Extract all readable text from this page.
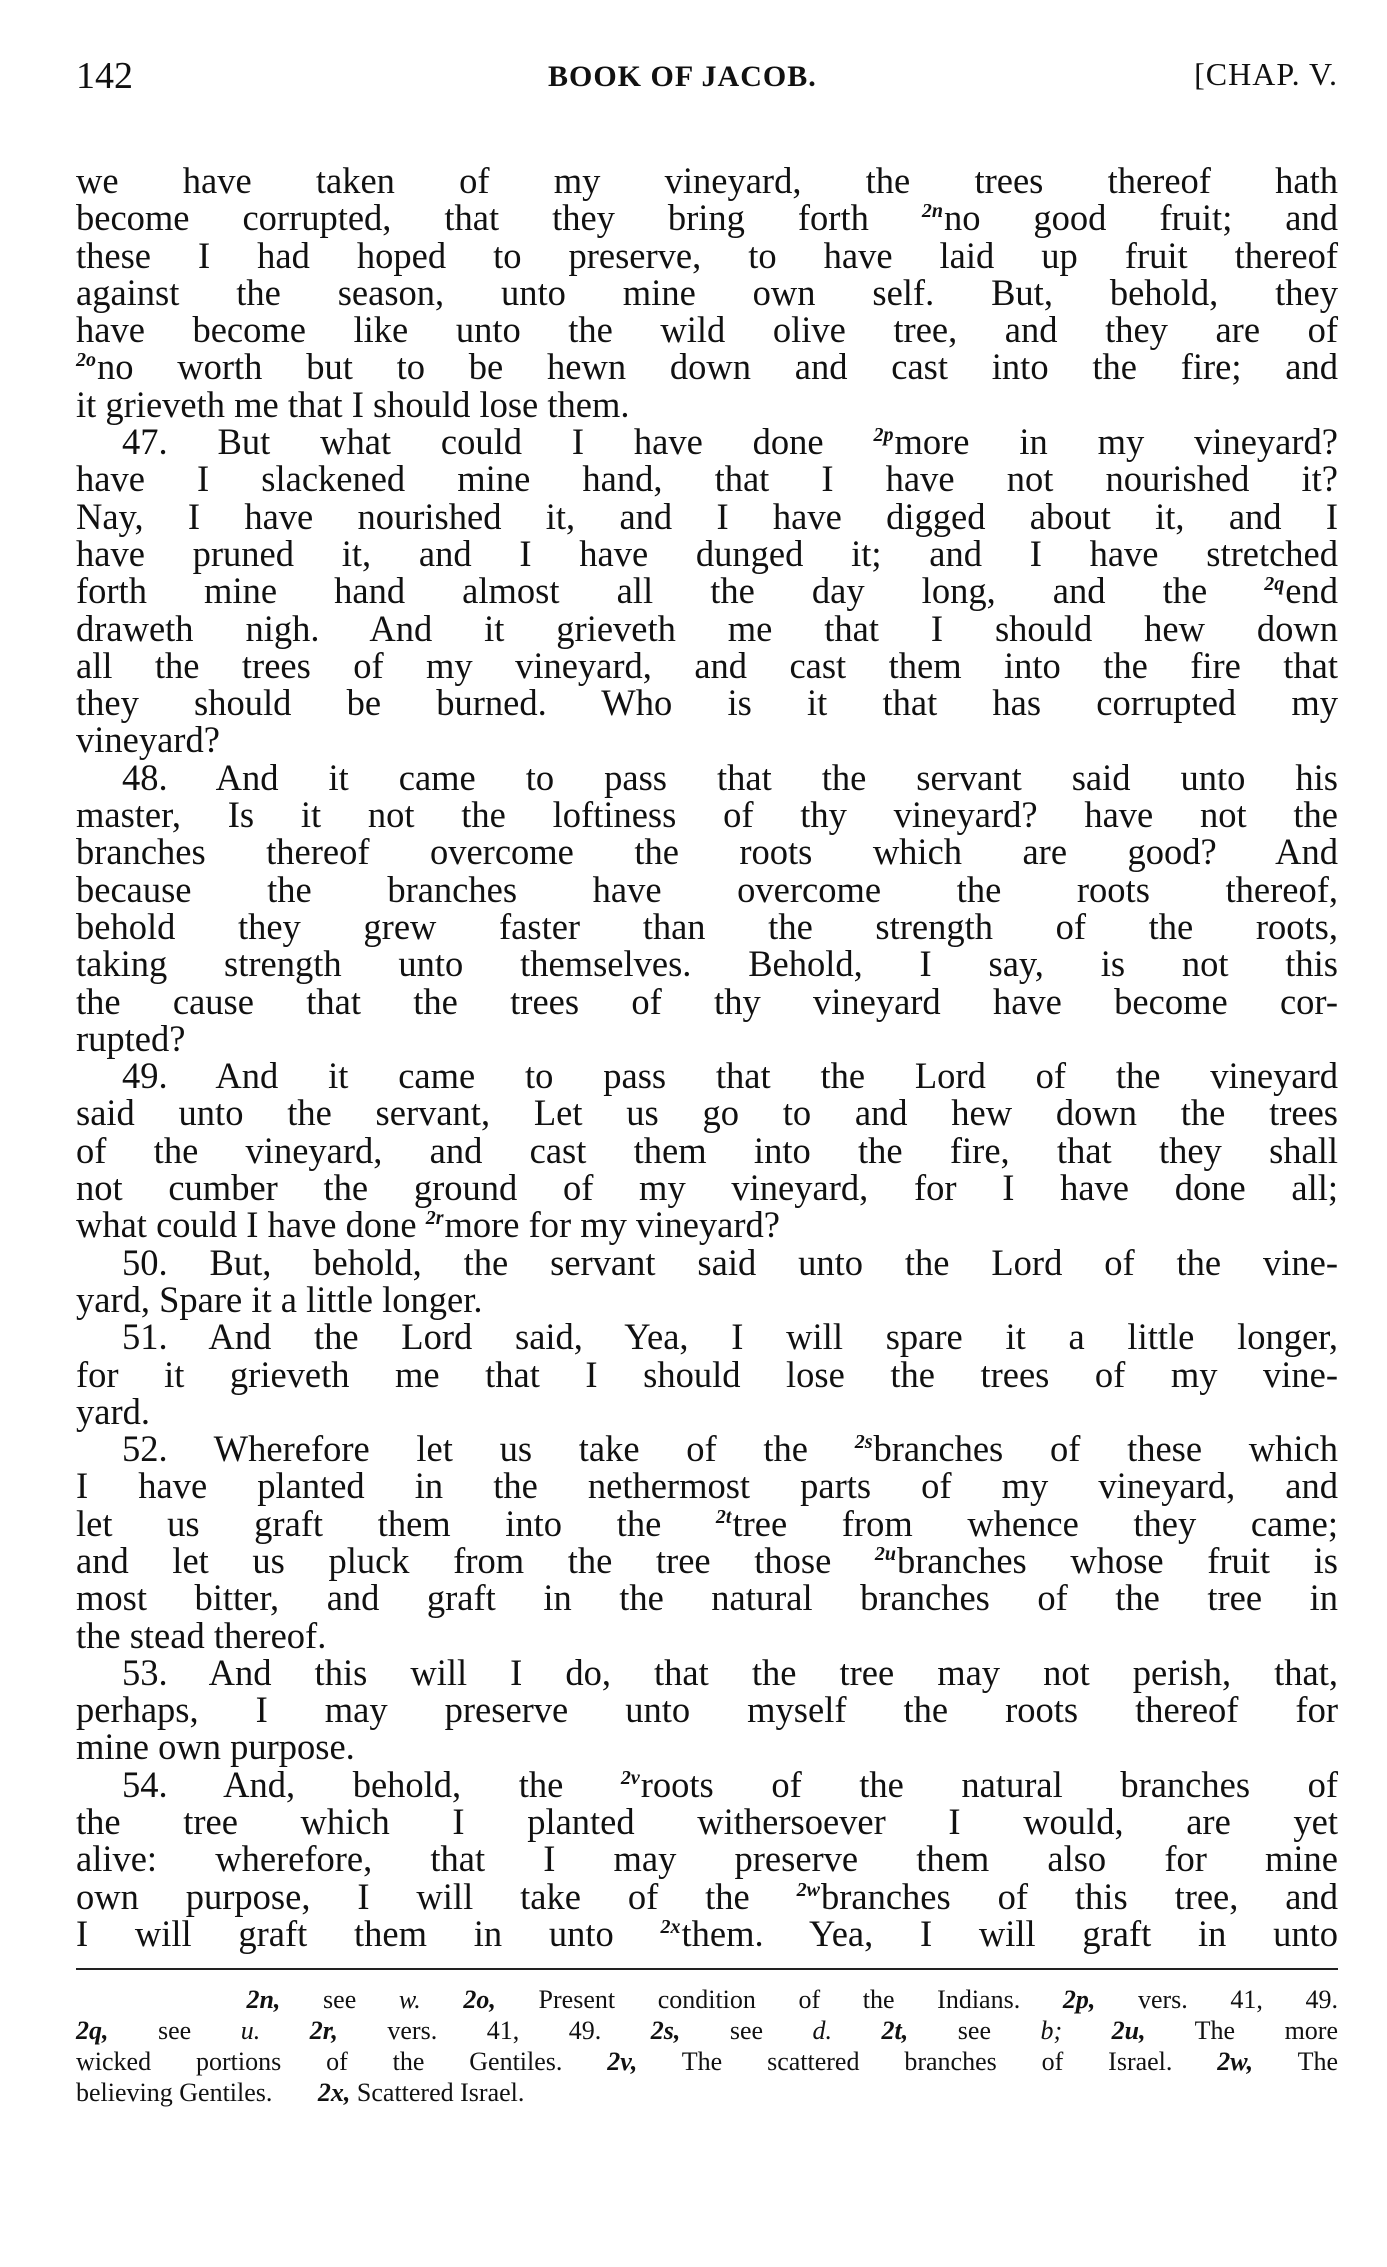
142	BOOK OF JACOB.	[CHAP. V.

we have taken of my vineyard, the trees thereof hath

become corrupted, that they bring forth $^{2n}$no good fruit; and

these I had hoped to preserve, to have laid up fruit thereof

against the season, unto mine own self. But, behold, they

have become like unto the wild olive tree, and they are of

$^{2o}$no worth but to be hewn down and cast into the fire; and

it grieveth me that I should lose them.

47. But what could I have done $^{2p}$more in my vineyard?

have I slackened mine hand, that I have not nourished it?

Nay, I have nourished it, and I have digged about it, and I

have pruned it, and I have dunged it; and I have stretched

forth mine hand almost all the day long, and the $^{2q}$end

draweth nigh. And it grieveth me that I should hew down

all the trees of my vineyard, and cast them into the fire that

they should be burned. Who is it that has corrupted my

vineyard?

48. And it came to pass that the servant said unto his

master, Is it not the loftiness of thy vineyard? have not the

branches thereof overcome the roots which are good? And

because the branches have overcome the roots thereof,

behold they grew faster than the strength of the roots,

taking strength unto themselves. Behold, I say, is not this

the cause that the trees of thy vineyard have become cor-

rupted?

49. And it came to pass that the Lord of the vineyard

said unto the servant, Let us go to and hew down the trees

of the vineyard, and cast them into the fire, that they shall

not cumber the ground of my vineyard, for I have done all;

what could I have done $^{2r}$more for my vineyard?

50. But, behold, the servant said unto the Lord of the vine-

yard, Spare it a little longer.

51. And the Lord said, Yea, I will spare it a little longer,

for it grieveth me that I should lose the trees of my vine-

yard.

52. Wherefore let us take of the $^{2s}$branches of these which

I have planted in the nethermost parts of my vineyard, and

let us graft them into the $^{2t}$tree from whence they came;

and let us pluck from the tree those $^{2u}$branches whose fruit is

most bitter, and graft in the natural branches of the tree in

the stead thereof.

53. And this will I do, that the tree may not perish, that,

perhaps, I may preserve unto myself the roots thereof for

mine own purpose.

54. And, behold, the $^{2v}$roots of the natural branches of

the tree which I planted withersoever I would, are yet

alive: wherefore, that I may preserve them also for mine

own purpose, I will take of the $^{2w}$branches of this tree, and

I will graft them in unto $^{2x}$them. Yea, I will graft in unto

2n, see w. 2o, Present condition of the Indians. 2p, vers. 41, 49.

2q, see u. 2r, vers. 41, 49. 2s, see d. 2t, see b; 2u, The more

wicked portions of the Gentiles. 2v, The scattered branches of Israel. 2w, The

believing Gentiles. 2x, Scattered Israel.
